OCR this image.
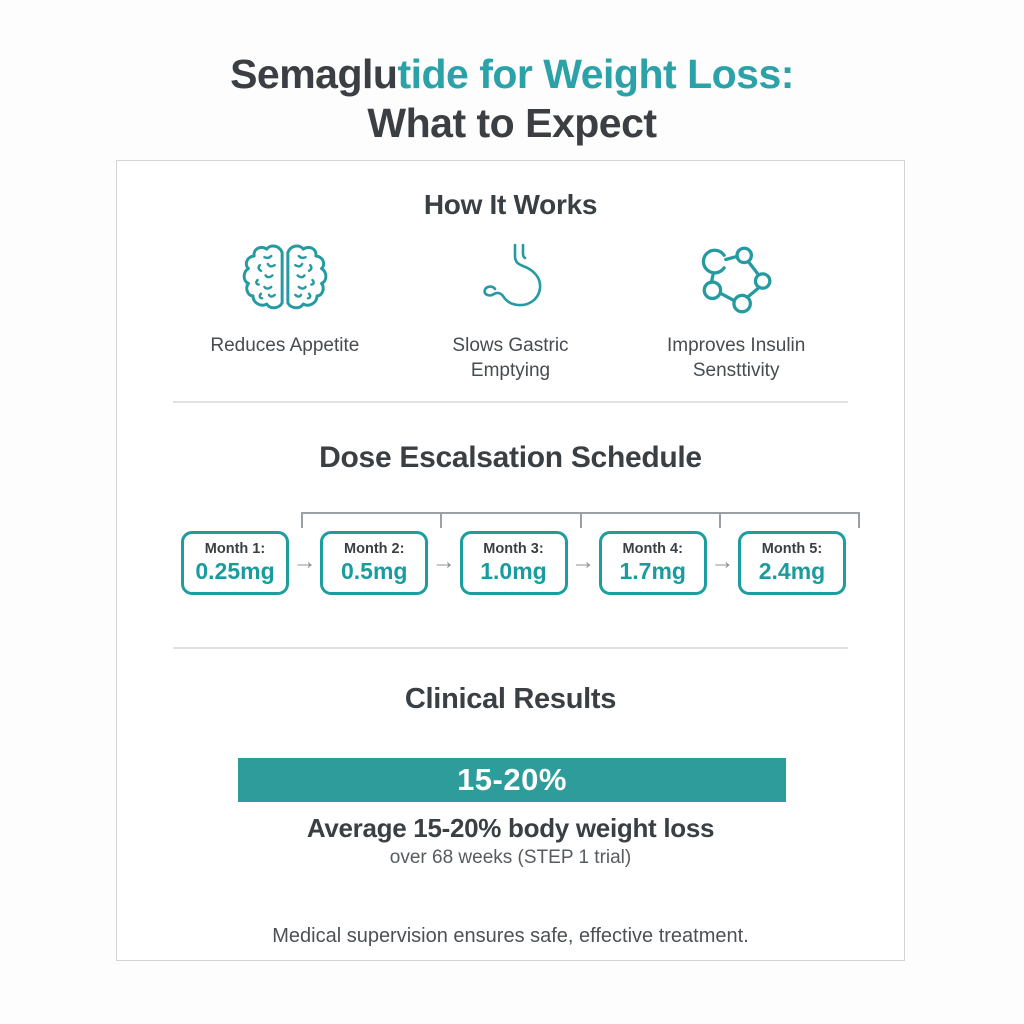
Semaglutide for Weight Loss:
What to Expect
How It Works
Reduces Appetite	Slows Gastric Emptying
Improves Insulin Sensttivity
Dose Escalsation Schedule
Month 1:
0.25mg → Month 2:
0.5mg → Month 3:
1.0mg → Month 4:
1.7mg → Month 5:
2.4mg
Clinical Results
15-20%
Average 15-20% body weight loss
over 68 weeks (STEP 1 trial)
Medical supervision ensures safe, effective treatment.
